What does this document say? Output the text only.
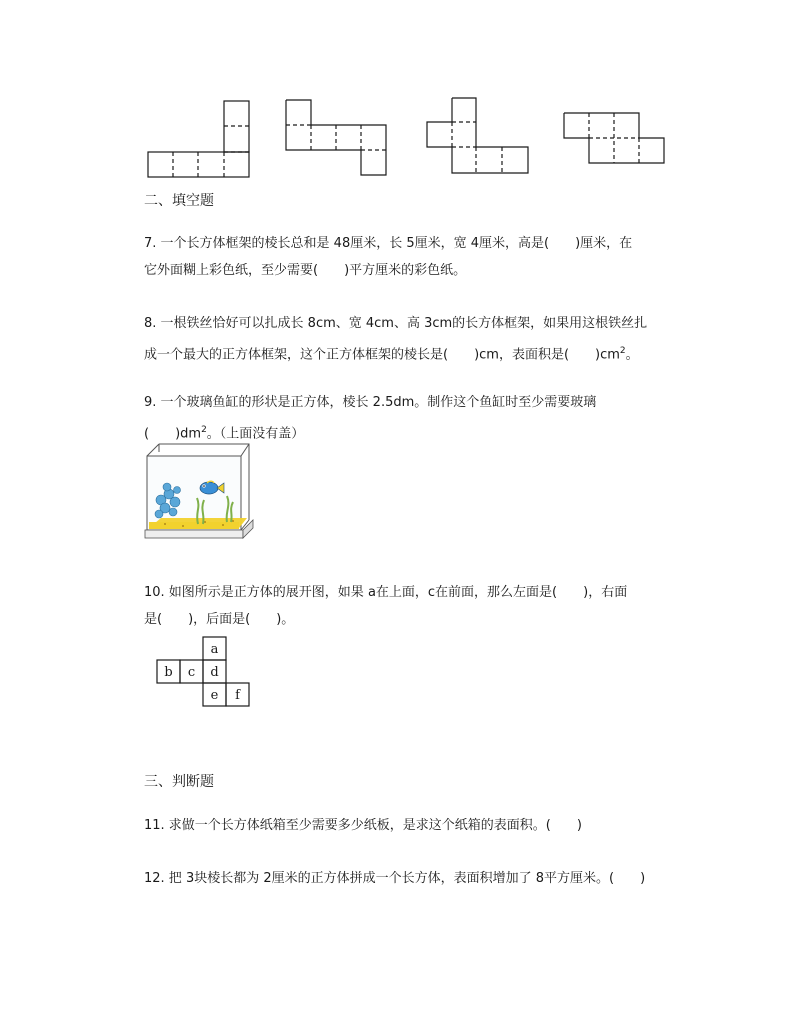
二、填空题
7. 一个长方体框架的棱长总和是 48厘米，长 5厘米，宽 4厘米，高是(　　)厘米，在
它外面糊上彩色纸，至少需要(　　)平方厘米的彩色纸。
8. 一根铁丝恰好可以扎成长 8cm、宽 4cm、高 3cm的长方体框架，如果用这根铁丝扎
成一个最大的正方体框架，这个正方体框架的棱长是(　　)cm，表面积是(　　)$cm^2$。
9. 一个玻璃鱼缸的形状是正方体，棱长 2.5dm。制作这个鱼缸时至少需要玻璃
(　　)$dm^2$。（上面没有盖）
10. 如图所示是正方体的展开图，如果 a在上面，c在前面，那么左面是(　　)，右面
是(　　)，后面是(　　)。
a
b c d
e f
三、判断题
11. 求做一个长方体纸箱至少需要多少纸板，是求这个纸箱的表面积。(　　)
12. 把 3块棱长都为 2厘米的正方体拼成一个长方体，表面积增加了 8平方厘米。(　　)
